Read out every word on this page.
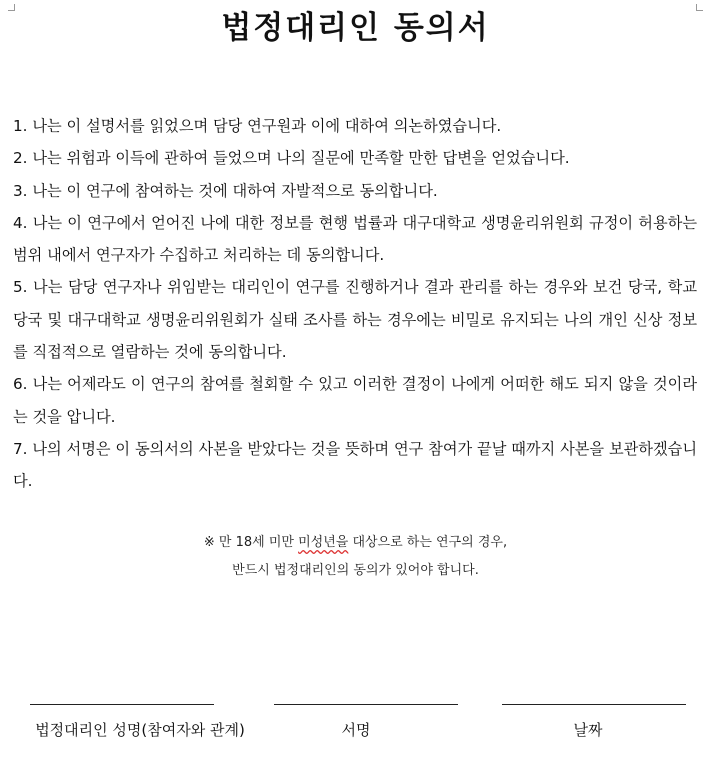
법정대리인 동의서

1. 나는 이 설명서를 읽었으며 담당 연구원과 이에 대하여 의논하였습니다.

2. 나는 위험과 이득에 관하여 들었으며 나의 질문에 만족할 만한 답변을 얻었습니다.

3. 나는 이 연구에 참여하는 것에 대하여 자발적으로 동의합니다.

4. 나는 이 연구에서 얻어진 나에 대한 정보를 현행 법률과 대구대학교 생명윤리위원회 규정이 허용하는 범위 내에서 연구자가 수집하고 처리하는 데 동의합니다.

5. 나는 담당 연구자나 위임받는 대리인이 연구를 진행하거나 결과 관리를 하는 경우와 보건 당국, 학교 당국 및 대구대학교 생명윤리위원회가 실태 조사를 하는 경우에는 비밀로 유지되는 나의 개인 신상 정보를 직접적으로 열람하는 것에 동의합니다.

6. 나는 어제라도 이 연구의 참여를 철회할 수 있고 이러한 결정이 나에게 어떠한 해도 되지 않을 것이라는 것을 압니다.

7. 나의 서명은 이 동의서의 사본을 받았다는 것을 뜻하며 연구 참여가 끝날 때까지 사본을 보관하겠습니다.

※ 만 18세 미만 미성년을 대상으로 하는 연구의 경우,
반드시 법정대리인의 동의가 있어야 합니다.
법정대리인 성명(참여자와 관계)	서명	날짜
